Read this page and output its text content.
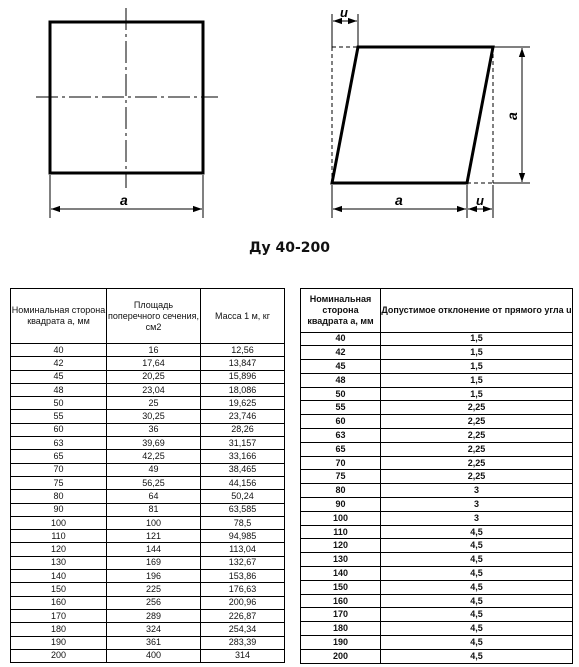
a
u
a
a	u
Ду 40-200
Номинальная сторона квадрата а, мм	Площадь поперечного сечения, см2	Масса 1 м, кг
40	16	12,56
42	17,64	13,847
45	20,25	15,896
48	23,04	18,086
50	25	19,625
55	30,25	23,746
60	36	28,26
63	39,69	31,157
65	42,25	33,166
70	49	38,465
75	56,25	44,156
80	64	50,24
90	81	63,585
100	100	78,5
110	121	94,985
120	144	113,04
130	169	132,67
140	196	153,86
150	225	176,63
160	256	200,96
170	289	226,87
180	324	254,34
190	361	283,39
200	400	314
Номинальная сторона квадрата а, мм	Допустимое отклонение от прямого угла u
40	1,5
42	1,5
45	1,5
48	1,5
50	1,5
55	2,25
60	2,25
63	2,25
65	2,25
70	2,25
75	2,25
80	3
90	3
100	3
110	4,5
120	4,5
130	4,5
140	4,5
150	4,5
160	4,5
170	4,5
180	4,5
190	4,5
200	4,5
